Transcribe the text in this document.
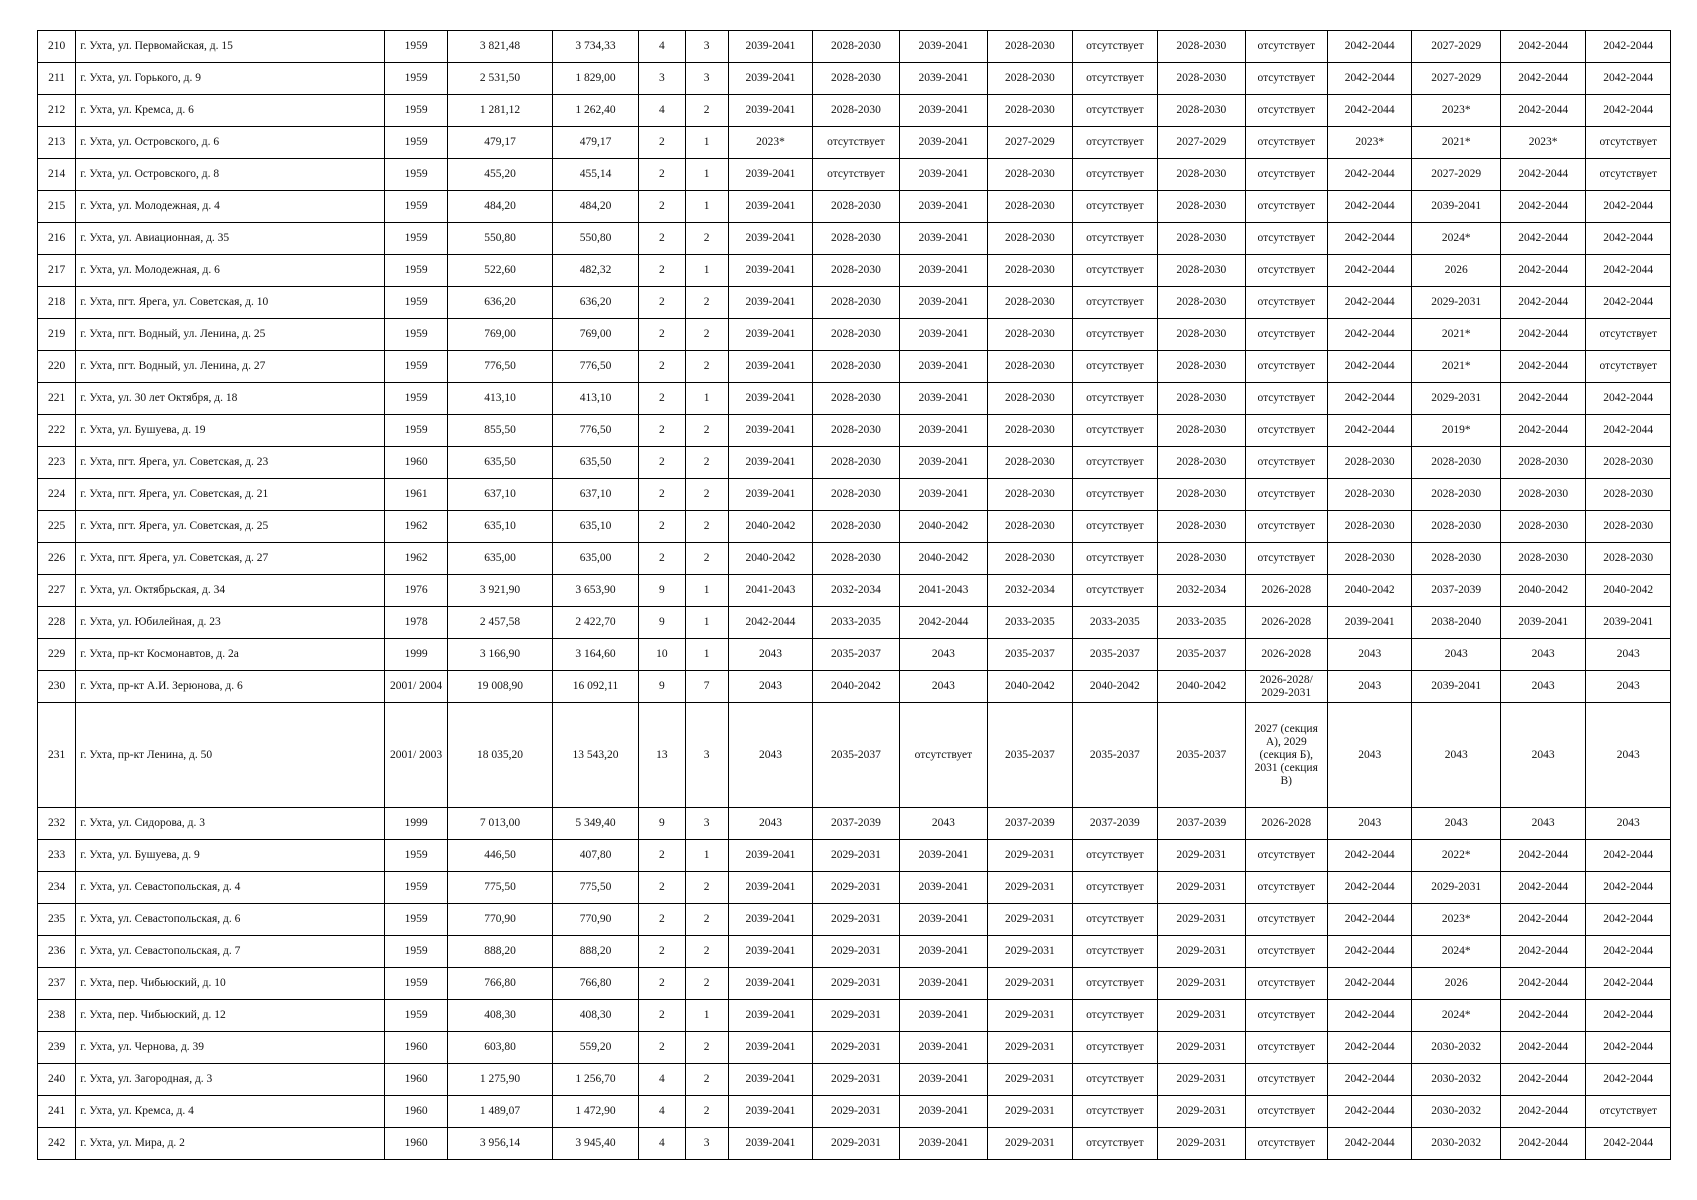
210	г. Ухта, ул. Первомайская, д. 15	1959	3 821,48	3 734,33	4	3	2039-2041	2028-2030	2039-2041	2028-2030	отсутствует	2028-2030	отсутствует	2042-2044	2027-2029	2042-2044	2042-2044
211	г. Ухта, ул. Горького, д. 9	1959	2 531,50	1 829,00	3	3	2039-2041	2028-2030	2039-2041	2028-2030	отсутствует	2028-2030	отсутствует	2042-2044	2027-2029	2042-2044	2042-2044
212	г. Ухта, ул. Кремса, д. 6	1959	1 281,12	1 262,40	4	2	2039-2041	2028-2030	2039-2041	2028-2030	отсутствует	2028-2030	отсутствует	2042-2044	2023*	2042-2044	2042-2044
213	г. Ухта, ул. Островского, д. 6	1959	479,17	479,17	2	1	2023*	отсутствует	2039-2041	2027-2029	отсутствует	2027-2029	отсутствует	2023*	2021*	2023*	отсутствует
214	г. Ухта, ул. Островского, д. 8	1959	455,20	455,14	2	1	2039-2041	отсутствует	2039-2041	2028-2030	отсутствует	2028-2030	отсутствует	2042-2044	2027-2029	2042-2044	отсутствует
215	г. Ухта, ул. Молодежная, д. 4	1959	484,20	484,20	2	1	2039-2041	2028-2030	2039-2041	2028-2030	отсутствует	2028-2030	отсутствует	2042-2044	2039-2041	2042-2044	2042-2044
216	г. Ухта, ул. Авиационная, д. 35	1959	550,80	550,80	2	2	2039-2041	2028-2030	2039-2041	2028-2030	отсутствует	2028-2030	отсутствует	2042-2044	2024*	2042-2044	2042-2044
217	г. Ухта, ул. Молодежная, д. 6	1959	522,60	482,32	2	1	2039-2041	2028-2030	2039-2041	2028-2030	отсутствует	2028-2030	отсутствует	2042-2044	2026	2042-2044	2042-2044
218	г. Ухта, пгт. Ярега, ул. Советская, д. 10	1959	636,20	636,20	2	2	2039-2041	2028-2030	2039-2041	2028-2030	отсутствует	2028-2030	отсутствует	2042-2044	2029-2031	2042-2044	2042-2044
219	г. Ухта, пгт. Водный, ул. Ленина, д. 25	1959	769,00	769,00	2	2	2039-2041	2028-2030	2039-2041	2028-2030	отсутствует	2028-2030	отсутствует	2042-2044	2021*	2042-2044	отсутствует
220	г. Ухта, пгт. Водный, ул. Ленина, д. 27	1959	776,50	776,50	2	2	2039-2041	2028-2030	2039-2041	2028-2030	отсутствует	2028-2030	отсутствует	2042-2044	2021*	2042-2044	отсутствует
221	г. Ухта, ул. 30 лет Октября, д. 18	1959	413,10	413,10	2	1	2039-2041	2028-2030	2039-2041	2028-2030	отсутствует	2028-2030	отсутствует	2042-2044	2029-2031	2042-2044	2042-2044
222	г. Ухта, ул. Бушуева, д. 19	1959	855,50	776,50	2	2	2039-2041	2028-2030	2039-2041	2028-2030	отсутствует	2028-2030	отсутствует	2042-2044	2019*	2042-2044	2042-2044
223	г. Ухта, пгт. Ярега, ул. Советская, д. 23	1960	635,50	635,50	2	2	2039-2041	2028-2030	2039-2041	2028-2030	отсутствует	2028-2030	отсутствует	2028-2030	2028-2030	2028-2030	2028-2030
224	г. Ухта, пгт. Ярега, ул. Советская, д. 21	1961	637,10	637,10	2	2	2039-2041	2028-2030	2039-2041	2028-2030	отсутствует	2028-2030	отсутствует	2028-2030	2028-2030	2028-2030	2028-2030
225	г. Ухта, пгт. Ярега, ул. Советская, д. 25	1962	635,10	635,10	2	2	2040-2042	2028-2030	2040-2042	2028-2030	отсутствует	2028-2030	отсутствует	2028-2030	2028-2030	2028-2030	2028-2030
226	г. Ухта, пгт. Ярега, ул. Советская, д. 27	1962	635,00	635,00	2	2	2040-2042	2028-2030	2040-2042	2028-2030	отсутствует	2028-2030	отсутствует	2028-2030	2028-2030	2028-2030	2028-2030
227	г. Ухта, ул. Октябрьская, д. 34	1976	3 921,90	3 653,90	9	1	2041-2043	2032-2034	2041-2043	2032-2034	отсутствует	2032-2034	2026-2028	2040-2042	2037-2039	2040-2042	2040-2042
228	г. Ухта, ул. Юбилейная, д. 23	1978	2 457,58	2 422,70	9	1	2042-2044	2033-2035	2042-2044	2033-2035	2033-2035	2033-2035	2026-2028	2039-2041	2038-2040	2039-2041	2039-2041
229	г. Ухта, пр-кт Космонавтов, д. 2а	1999	3 166,90	3 164,60	10	1	2043	2035-2037	2043	2035-2037	2035-2037	2035-2037	2026-2028	2043	2043	2043	2043
230	г. Ухта, пр-кт А.И. Зерюнова, д. 6	2001/ 2004	19 008,90	16 092,11	9	7	2043	2040-2042	2043	2040-2042	2040-2042	2040-2042	2026-2028/ 2029-2031	2043	2039-2041	2043	2043
231	г. Ухта, пр-кт Ленина, д. 50	2001/ 2003	18 035,20	13 543,20	13	3	2043	2035-2037	отсутствует	2035-2037	2035-2037	2035-2037	2027 (секция А), 2029 (секция Б), 2031 (секция В)	2043	2043	2043	2043
232	г. Ухта, ул. Сидорова, д. 3	1999	7 013,00	5 349,40	9	3	2043	2037-2039	2043	2037-2039	2037-2039	2037-2039	2026-2028	2043	2043	2043	2043
233	г. Ухта, ул. Бушуева, д. 9	1959	446,50	407,80	2	1	2039-2041	2029-2031	2039-2041	2029-2031	отсутствует	2029-2031	отсутствует	2042-2044	2022*	2042-2044	2042-2044
234	г. Ухта, ул. Севастопольская, д. 4	1959	775,50	775,50	2	2	2039-2041	2029-2031	2039-2041	2029-2031	отсутствует	2029-2031	отсутствует	2042-2044	2029-2031	2042-2044	2042-2044
235	г. Ухта, ул. Севастопольская, д. 6	1959	770,90	770,90	2	2	2039-2041	2029-2031	2039-2041	2029-2031	отсутствует	2029-2031	отсутствует	2042-2044	2023*	2042-2044	2042-2044
236	г. Ухта, ул. Севастопольская, д. 7	1959	888,20	888,20	2	2	2039-2041	2029-2031	2039-2041	2029-2031	отсутствует	2029-2031	отсутствует	2042-2044	2024*	2042-2044	2042-2044
237	г. Ухта, пер. Чибьюский, д. 10	1959	766,80	766,80	2	2	2039-2041	2029-2031	2039-2041	2029-2031	отсутствует	2029-2031	отсутствует	2042-2044	2026	2042-2044	2042-2044
238	г. Ухта, пер. Чибьюский, д. 12	1959	408,30	408,30	2	1	2039-2041	2029-2031	2039-2041	2029-2031	отсутствует	2029-2031	отсутствует	2042-2044	2024*	2042-2044	2042-2044
239	г. Ухта, ул. Чернова, д. 39	1960	603,80	559,20	2	2	2039-2041	2029-2031	2039-2041	2029-2031	отсутствует	2029-2031	отсутствует	2042-2044	2030-2032	2042-2044	2042-2044
240	г. Ухта, ул. Загородная, д. 3	1960	1 275,90	1 256,70	4	2	2039-2041	2029-2031	2039-2041	2029-2031	отсутствует	2029-2031	отсутствует	2042-2044	2030-2032	2042-2044	2042-2044
241	г. Ухта, ул. Кремса, д. 4	1960	1 489,07	1 472,90	4	2	2039-2041	2029-2031	2039-2041	2029-2031	отсутствует	2029-2031	отсутствует	2042-2044	2030-2032	2042-2044	отсутствует
242	г. Ухта, ул. Мира, д. 2	1960	3 956,14	3 945,40	4	3	2039-2041	2029-2031	2039-2041	2029-2031	отсутствует	2029-2031	отсутствует	2042-2044	2030-2032	2042-2044	2042-2044
